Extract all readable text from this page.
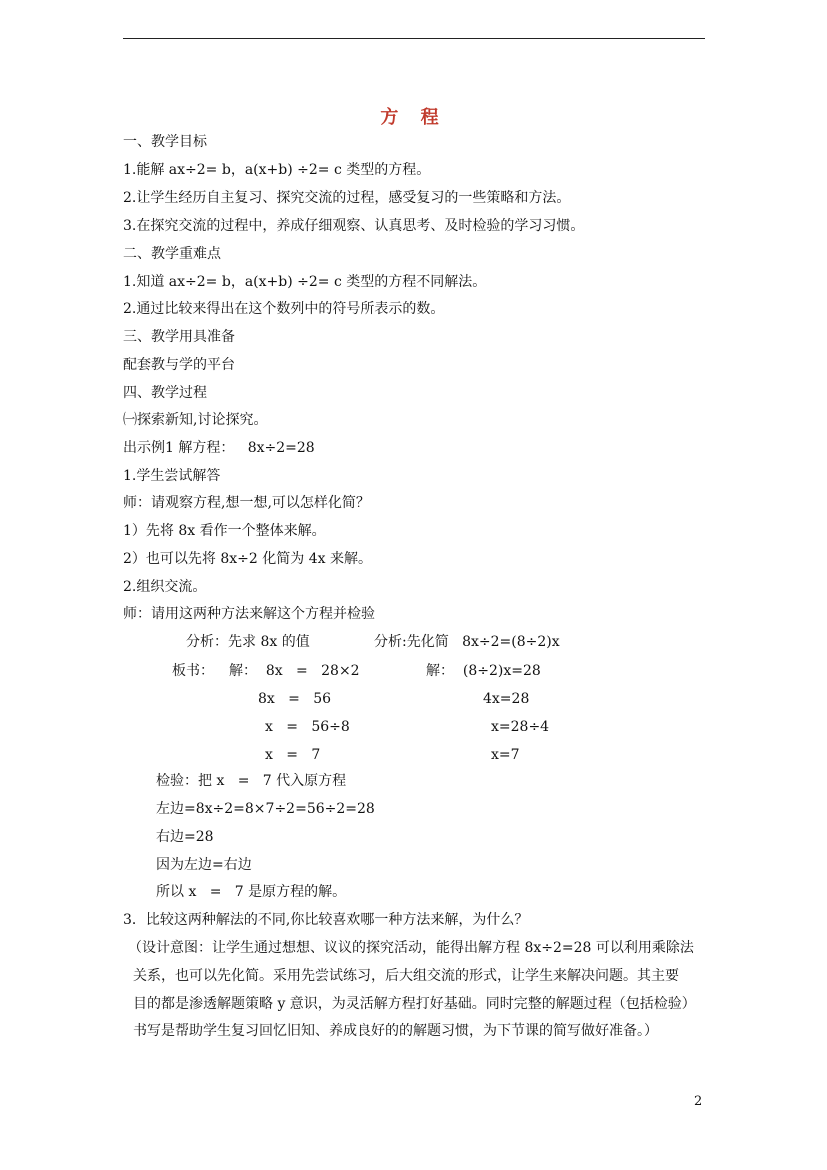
方 程
一、教学目标
1.能解 ax÷2= b，a(x+b) ÷2= c 类型的方程。
2.让学生经历自主复习、探究交流的过程，感受复习的一些策略和方法。
3.在探究交流的过程中，养成仔细观察、认真思考、及时检验的学习习惯。
二、教学重难点
1.知道 ax÷2= b，a(x+b) ÷2= c 类型的方程不同解法。
2.通过比较来得出在这个数列中的符号所表示的数。
三、教学用具准备
配套教与学的平台
四、教学过程
㈠探索新知,讨论探究。
出示例1 解方程：   8x÷2=28
1.学生尝试解答
师：请观察方程,想一想,可以怎样化简？
1）先将 8x 看作一个整体来解。
2）也可以先将 8x÷2 化简为 4x 来解。
2.组织交流。
师：请用这两种方法来解这个方程并检验
分析：先求 8x 的值	分析:先化简   8x÷2=(8÷2)x
板书： 解：  8x   =   28×2
8x   =   56
x   =   56÷8
x   =   7
解：  (8÷2)x=28
4x=28
x=28÷4
x=7
检验：把 x   =   7 代入原方程
左边=8x÷2=8×7÷2=56÷2=28
右边=28
因为左边=右边
所以 x   =   7 是原方程的解。
3．比较这两种解法的不同,你比较喜欢哪一种方法来解，为什么？
（设计意图：让学生通过想想、议议的探究活动，能得出解方程 8x÷2=28 可以利用乘除法
关系，也可以先化简。采用先尝试练习，后大组交流的形式，让学生来解决问题。其主要
目的都是渗透解题策略 y 意识，为灵活解方程打好基础。同时完整的解题过程（包括检验）
书写是帮助学生复习回忆旧知、养成良好的的解题习惯，为下节课的简写做好准备。）
2
